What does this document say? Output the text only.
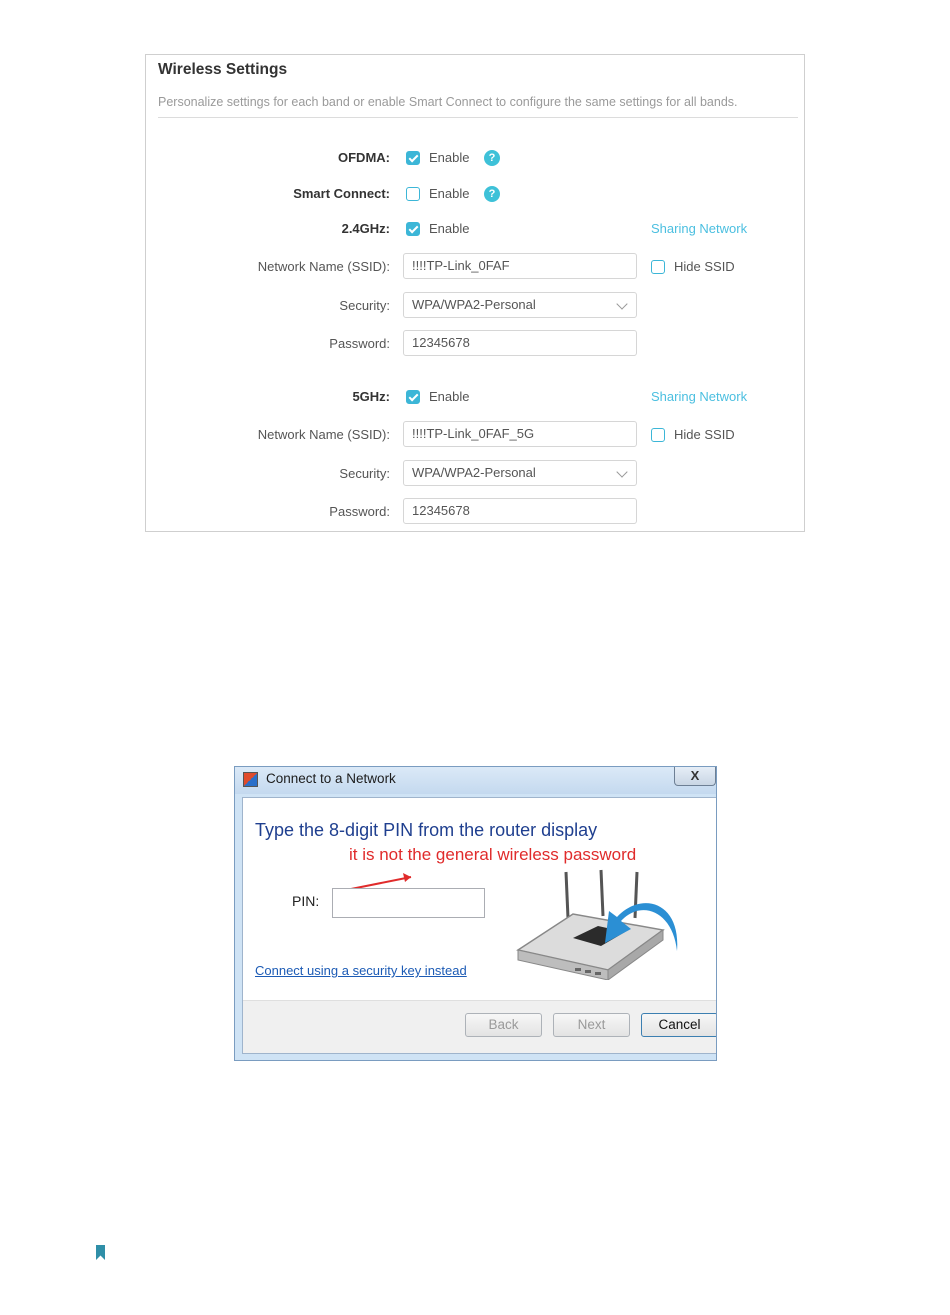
Wireless Settings
Personalize settings for each band or enable Smart Connect to configure the same settings for all bands.
OFDMA:	Enable	?
Smart Connect:	Enable	?
2.4GHz:	Enable	Sharing Network
Network Name (SSID):	!!!!TP-Link_0FAF	Hide SSID
Security:	WPA/WPA2-Personal
Password:	12345678
5GHz:	Enable	Sharing Network
Network Name (SSID):	!!!!TP-Link_0FAF_5G	Hide SSID
Security:	WPA/WPA2-Personal
Password:	12345678
Connect to a Network	X
Type the 8-digit PIN from the router display
it is not the general wireless password
PIN:
Connect using a security key instead
Back	Next	Cancel
